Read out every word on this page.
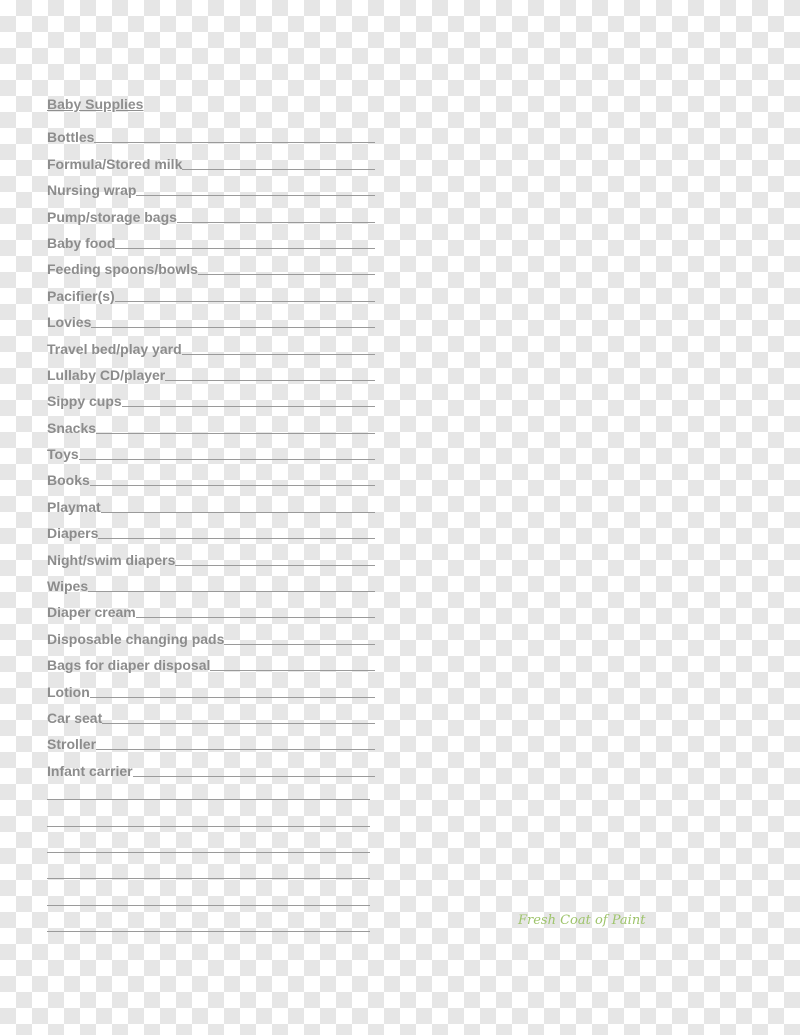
Baby Supplies
Bottles
Formula/Stored milk
Nursing wrap
Pump/storage bags
Baby food
Feeding spoons/bowls
Pacifier(s)
Lovies
Travel bed/play yard
Lullaby CD/player
Sippy cups
Snacks
Toys
Books
Playmat
Diapers
Night/swim diapers
Wipes
Diaper cream
Disposable changing pads
Bags for diaper disposal
Lotion
Car seat
Stroller
Infant carrier
Fresh Coat of Paint
